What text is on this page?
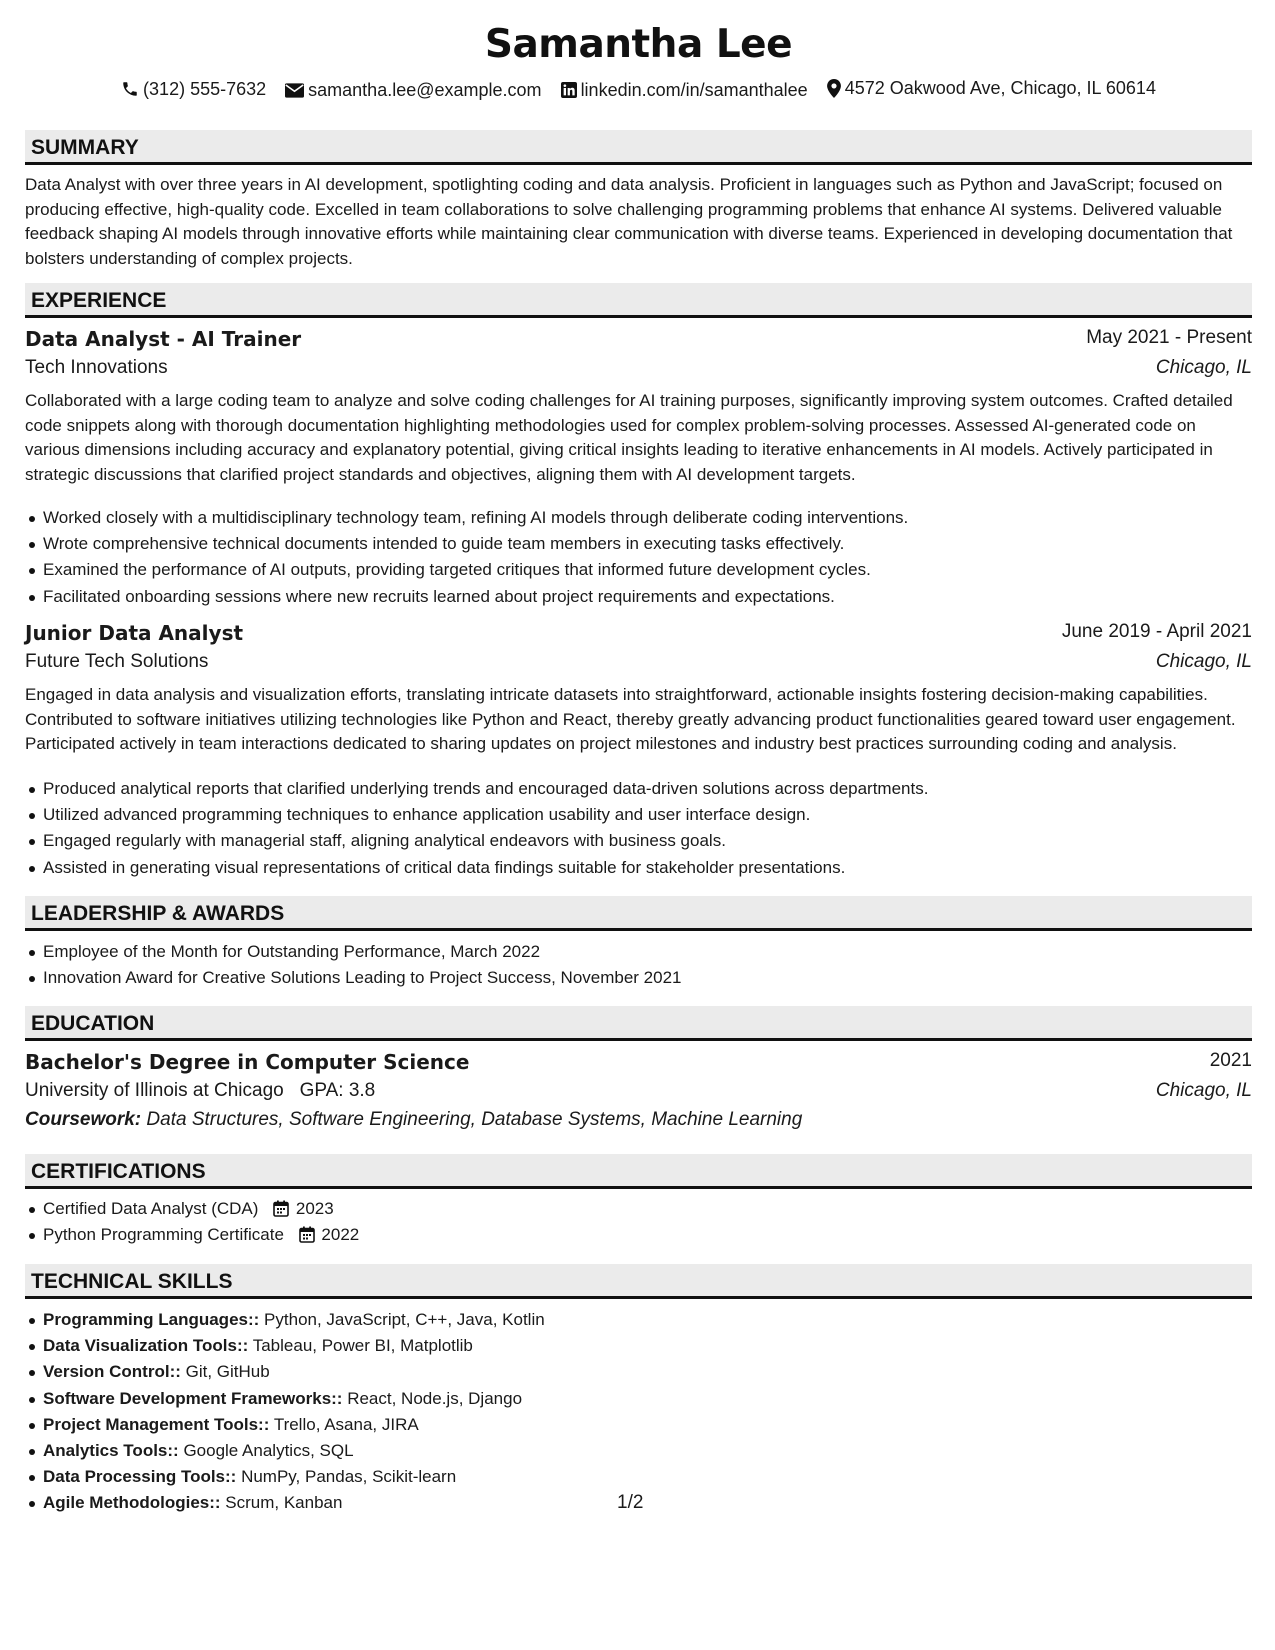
Samantha Lee
(312) 555-7632
samantha.lee@example.com
linkedin.com/in/samanthalee
4572 Oakwood Ave, Chicago, IL 60614
SUMMARY

Data Analyst with over three years in AI development, spotlighting coding and data analysis. Proficient in languages such as Python and JavaScript; focused on producing effective, high-quality code. Excelled in team collaborations to solve challenging programming problems that enhance AI systems. Delivered valuable feedback shaping AI models through innovative efforts while maintaining clear communication with diverse teams. Experienced in developing documentation that bolsters understanding of complex projects.

EXPERIENCE
Data Analyst - AI Trainer	May 2021 - Present
Tech Innovations	Chicago, IL

Collaborated with a large coding team to analyze and solve coding challenges for AI training purposes, significantly improving system outcomes. Crafted detailed code snippets along with thorough documentation highlighting methodologies used for complex problem-solving processes. Assessed AI-generated code on various dimensions including accuracy and explanatory potential, giving critical insights leading to iterative enhancements in AI models. Actively participated in strategic discussions that clarified project standards and objectives, aligning them with AI development targets.

Worked closely with a multidisciplinary technology team, refining AI models through deliberate coding interventions.
Wrote comprehensive technical documents intended to guide team members in executing tasks effectively.
Examined the performance of AI outputs, providing targeted critiques that informed future development cycles.
Facilitated onboarding sessions where new recruits learned about project requirements and expectations.
Junior Data Analyst	June 2019 - April 2021
Future Tech Solutions	Chicago, IL

Engaged in data analysis and visualization efforts, translating intricate datasets into straightforward, actionable insights fostering decision-making capabilities. Contributed to software initiatives utilizing technologies like Python and React, thereby greatly advancing product functionalities geared toward user engagement. Participated actively in team interactions dedicated to sharing updates on project milestones and industry best practices surrounding coding and analysis.

Produced analytical reports that clarified underlying trends and encouraged data-driven solutions across departments.
Utilized advanced programming techniques to enhance application usability and user interface design.
Engaged regularly with managerial staff, aligning analytical endeavors with business goals.
Assisted in generating visual representations of critical data findings suitable for stakeholder presentations.
LEADERSHIP & AWARDS
Employee of the Month for Outstanding Performance, March 2022
Innovation Award for Creative Solutions Leading to Project Success, November 2021
EDUCATION
Bachelor's Degree in Computer Science	2021
University of Illinois at Chicago GPA: 3.8	Chicago, IL
Coursework: Data Structures, Software Engineering, Database Systems, Machine Learning
CERTIFICATIONS
Certified Data Analyst (CDA) 2023
Python Programming Certificate 2022
TECHNICAL SKILLS
Programming Languages:: Python, JavaScript, C++, Java, Kotlin
Data Visualization Tools:: Tableau, Power BI, Matplotlib
Version Control:: Git, GitHub
Software Development Frameworks:: React, Node.js, Django
Project Management Tools:: Trello, Asana, JIRA
Analytics Tools:: Google Analytics, SQL
Data Processing Tools:: NumPy, Pandas, Scikit-learn
Agile Methodologies:: Scrum, Kanban	1/2
